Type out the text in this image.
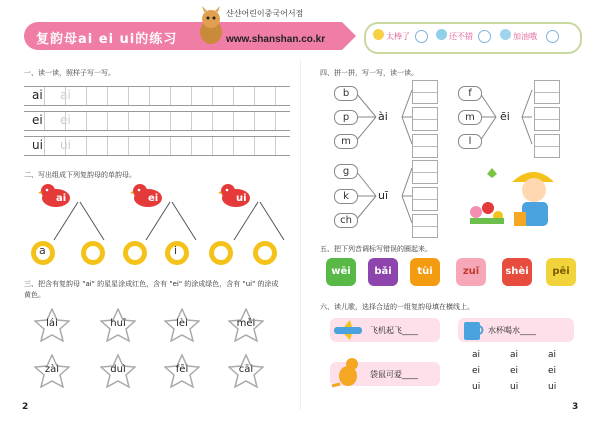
复韵母ai ei ui的练习
샨샨어린이중국어서점
www.shanshan.co.kr	太棒了	还不错	加油哦
一、读一读，照样子写一写。
ai ai
ei ei
ui ui
二、写出组成下列复韵母的单韵母。
ai	ei	ui
a	i
三、把含有复韵母 "ai" 的星星涂成红色，含有 "ei" 的涂成绿色，含有 "ui" 的涂成
黄色。
lái	huī	lèi	měi
zài	duì	fēi	cāi
2
四、拼一拼，写一写，读一读。
b
p
m
ài
f
m
l
ēi
g
k
ch
uī
五、把下列音调标写错误的圈起来。
wēi	bǎi	tùi	zuǐ	shèi	pēi
六、读儿歌，选择合适的一组复韵母填在横线上。
飞机起飞____	水杯喝水____
袋鼠可爱____
ai	ai	ai
ei	ei	ei
ui	ui	ui
3
